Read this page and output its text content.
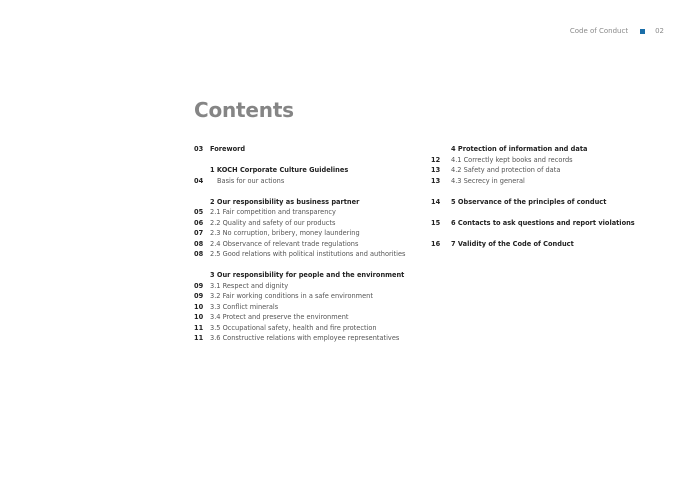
Code of Conduct	02
Contents
03	Foreword
1 KOCH Corporate Culture Guidelines
04	Basis for our actions
2 Our responsibility as business partner
05	2.1 Fair competition and transparency
06	2.2 Quality and safety of our products
07	2.3 No corruption, bribery, money laundering
08	2.4 Observance of relevant trade regulations
08	2.5 Good relations with political institutions and authorities
3 Our responsibility for people and the environment
09	3.1 Respect and dignity
09	3.2 Fair working conditions in a safe environment
10	3.3 Conflict minerals
10	3.4 Protect and preserve the environment
11	3.5 Occupational safety, health and fire protection
11	3.6 Constructive relations with employee representatives
4 Protection of information and data
12	4.1 Correctly kept books and records
13	4.2 Safety and protection of data
13	4.3 Secrecy in general
14	5 Observance of the principles of conduct
15	6 Contacts to ask questions and report violations
16	7 Validity of the Code of Conduct
